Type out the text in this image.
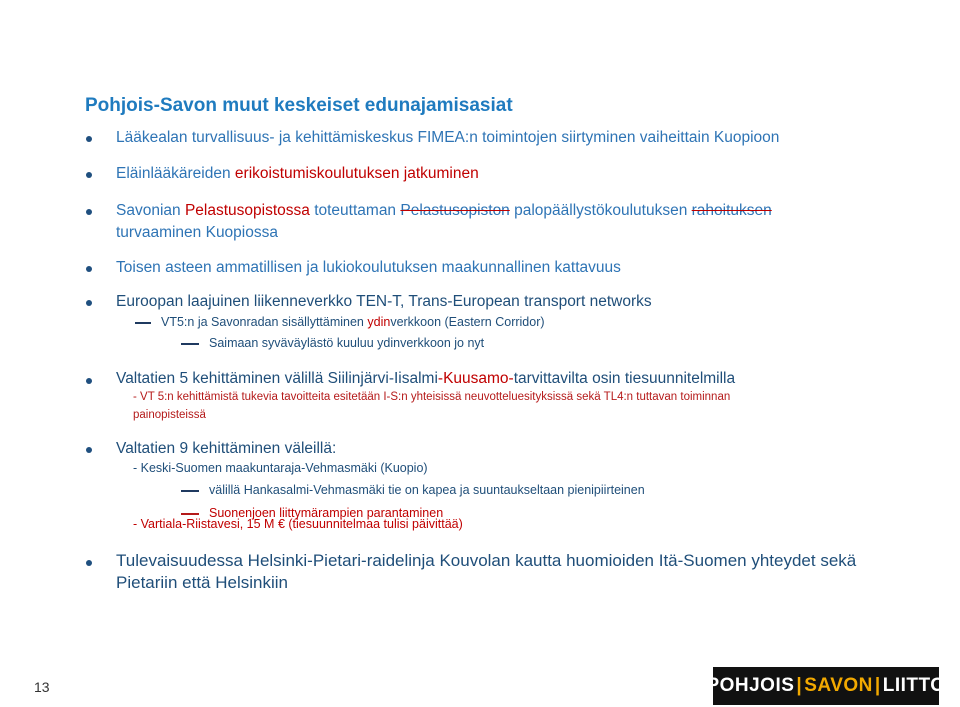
Pohjois-Savon muut keskeiset edunajamisasiat
Lääkealan turvallisuus- ja kehittämiskeskus FIMEA:n toimintojen siirtyminen vaiheittain Kuopioon
Eläinlääkäreiden erikoistumiskoulutuksen jatkuminen
Savonian Pelastusopistossa toteuttaman Pelastusopiston palopäällystökoulutuksen rahoituksen
turvaaminen Kuopiossa
Toisen asteen ammatillisen ja lukiokoulutuksen maakunnallinen kattavuus
Euroopan laajuinen liikenneverkko TEN-T, Trans-European transport networks
VT5:n ja Savonradan sisällyttäminen ydinverkkoon (Eastern Corridor)
Saimaan syväväylästö kuuluu ydinverkkoon jo nyt
Valtatien 5 kehittäminen välillä Siilinjärvi-Iisalmi-Kuusamo-tarvittavilta osin tiesuunnitelmilla
- VT 5:n kehittämistä tukevia tavoitteita esitetään I-S:n yhteisissä neuvotteluesityksissä sekä TL4:n tuttavan toiminnan
painopisteissä
Valtatien 9 kehittäminen väleillä:
- Keski-Suomen maakuntaraja-Vehmasmäki (Kuopio)
välillä Hankasalmi-Vehmasmäki tie on kapea ja suuntaukseltaan pienipiirteinen
Suonenjoen liittymärampien parantaminen
- Vartiala-Riistavesi, 15 M € (tiesuunnitelmaa tulisi päivittää)
Tulevaisuudessa Helsinki-Pietari-raidelinja Kouvolan kautta huomioiden Itä-Suomen yhteydet sekä
Pietariin että Helsinkiin
13	POHJOIS | SAVON | LIITTO
